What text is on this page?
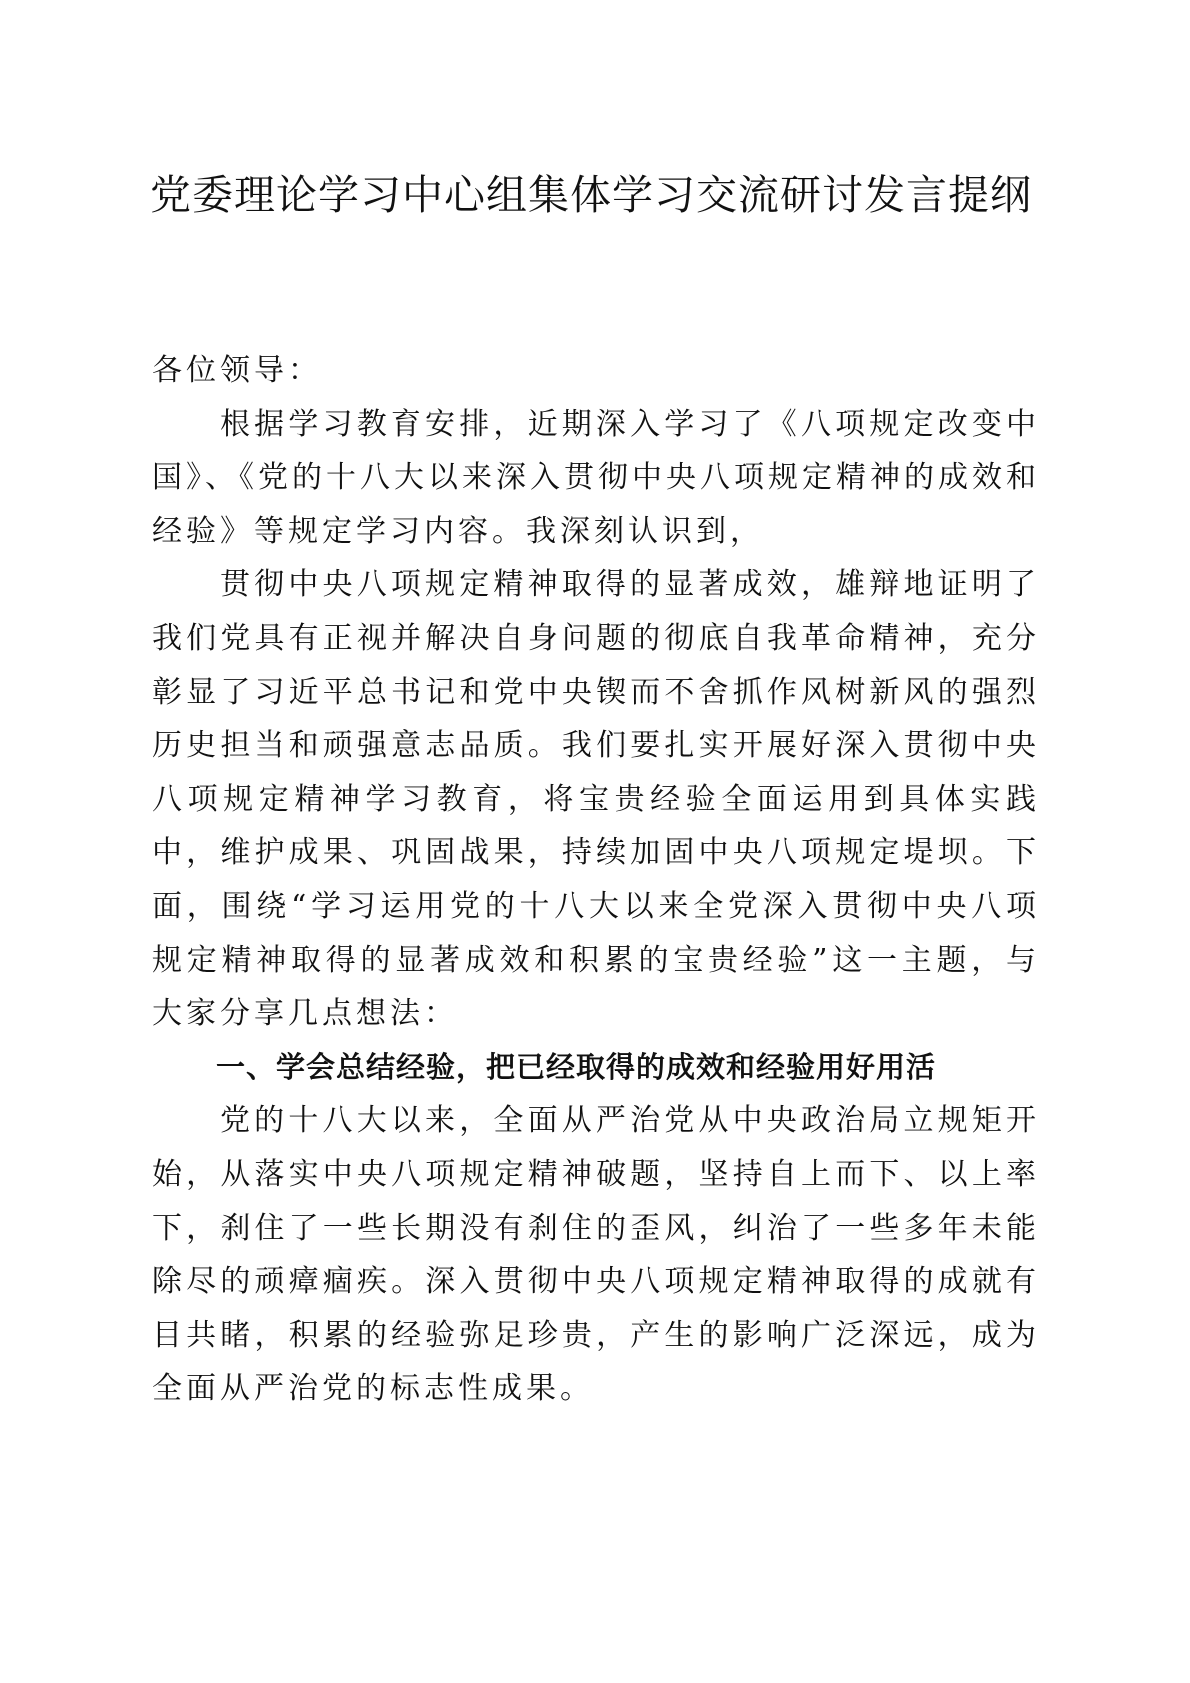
党委理论学习中心组集体学习交流研讨发言提纲

各位领导：

根据学习教育安排，近期深入学习了《八项规定改变中国》、《党的十八大以来深入贯彻中央八项规定精神的成效和经验》等规定学习内容。我深刻认识到，

贯彻中央八项规定精神取得的显著成效，雄辩地证明了我们党具有正视并解决自身问题的彻底自我革命精神，充分彰显了习近平总书记和党中央锲而不舍抓作风树新风的强烈历史担当和顽强意志品质。我们要扎实开展好深入贯彻中央八项规定精神学习教育，将宝贵经验全面运用到具体实践中，维护成果、巩固战果，持续加固中央八项规定堤坝。下面，围绕“学习运用党的十八大以来全党深入贯彻中央八项规定精神取得的显著成效和积累的宝贵经验”这一主题，与大家分享几点想法：

一、学会总结经验，把已经取得的成效和经验用好用活

党的十八大以来，全面从严治党从中央政治局立规矩开始，从落实中央八项规定精神破题，坚持自上而下、以上率下，刹住了一些长期没有刹住的歪风，纠治了一些多年未能除尽的顽瘴痼疾。深入贯彻中央八项规定精神取得的成就有目共睹，积累的经验弥足珍贵，产生的影响广泛深远，成为全面从严治党的标志性成果。
